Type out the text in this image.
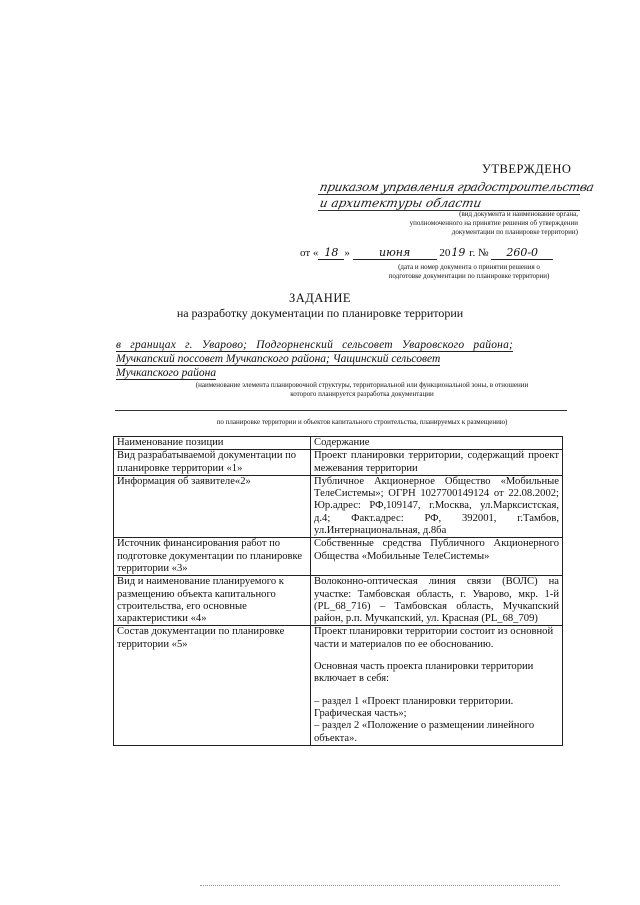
УТВЕРЖДЕНО
приказом управления градостроительства
и архитектуры области
(вид документа и наименование органа,
уполномоченного на принятие решения об утверждении
документации по планировке территории)
от « 18 »	июня	2019 г. № 260-0
(дата и номер документа о принятии решения о
подготовке документации по планировке территории)
ЗАДАНИЕ
на разработку документации по планировке территории
в границах г. Уварово; Подгорненский сельсовет Уваровского района;
Мучкапский поссовет Мучкапского района; Чащинский сельсовет
Мучкапского района
(наименование элемента планировочной структуры, территориальной или функциональной зоны, в отношении
которого планируется разработка документации
по планировке территории и объектов капитального строительства, планируемых к размещению)
Наименование позиции	Содержание
Вид разрабатываемой документации по планировке территории «1»	Проект планировки территории, содержащий проект межевания территории
Информация об заявителе«2»	Публичное Акционерное Общество «Мобильные ТелеСистемы»; ОГРН 1027700149124 от 22.08.2002; Юр.адрес: РФ,109147, г.Москва, ул.Марксистская, д.4; Факт.адрес: РФ, 392001, г.Тамбов, ул.Интернациональная, д.8ба
Источник финансирования работ по подготовке документации по планировке территории «3»	Собственные средства Публичного Акционерного Общества «Мобильные ТелеСистемы»
Вид и наименование планируемого к размещению объекта капитального строительства, его основные характеристики «4»	Волоконно-оптическая линия связи (ВОЛС) на участке: Тамбовская область, г. Уварово, мкр. 1-й (PL_68_716) – Тамбовская область, Мучкапский район, р.п. Мучкапский, ул. Красная (PL_68_709)
Состав документации по планировке территории «5»	Проект планировки территории состоит из основной части и материалов по ее обоснованию.
Основная часть проекта планировки территории включает в себя:
– раздел 1 «Проект планировки территории. Графическая часть»;
– раздел 2 «Положение о размещении линейного объекта».
